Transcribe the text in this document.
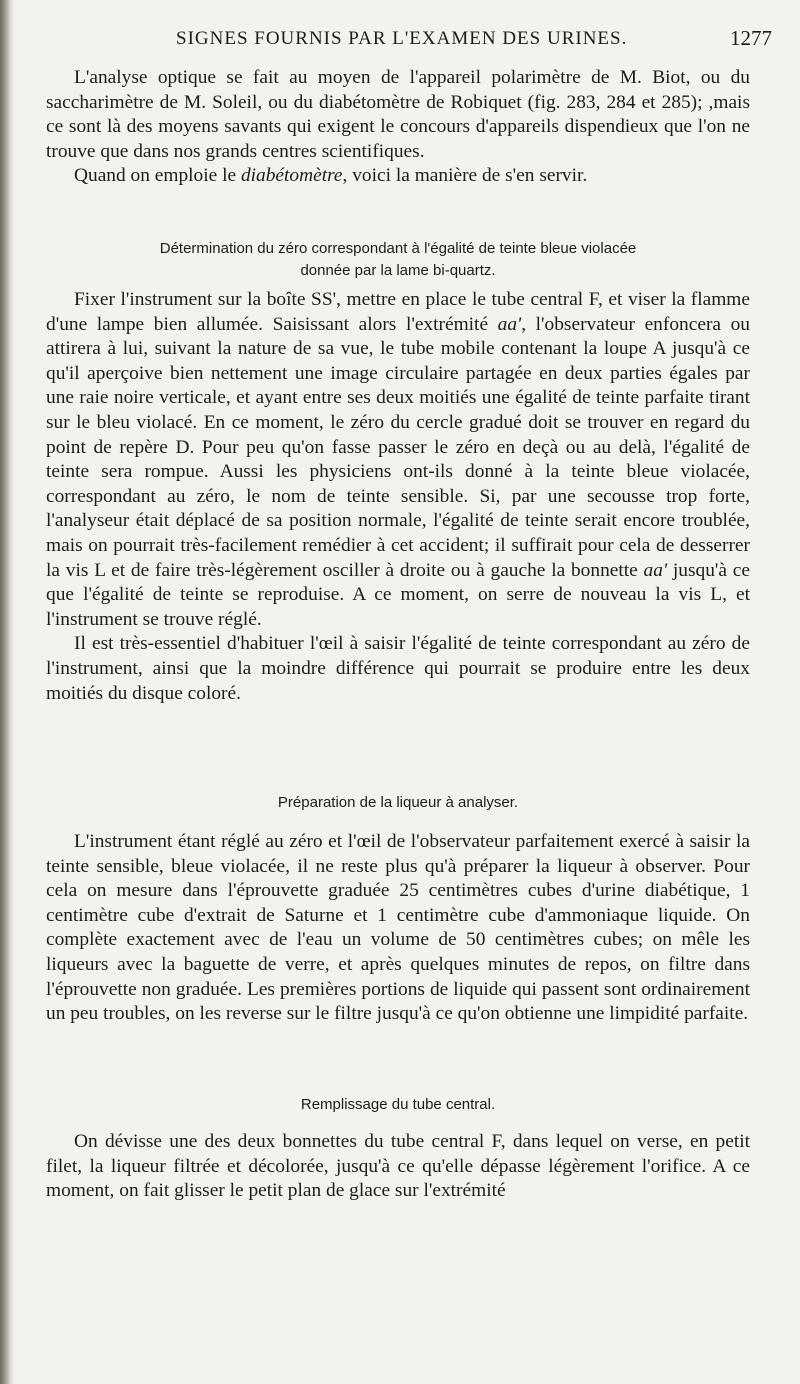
SIGNES FOURNIS PAR L'EXAMEN DES URINES.	1277

L'analyse optique se fait au moyen de l'appareil polarimètre de M. Biot, ou du saccharimètre de M. Soleil, ou du diabétomètre de Robiquet (fig. 283, 284 et 285); ,mais ce sont là des moyens savants qui exigent le concours d'appareils dispendieux que l'on ne trouve que dans nos grands centres scientifiques.

Quand on emploie le diabétomètre, voici la manière de s'en servir.

Détermination du zéro correspondant à l'égalité de teinte bleue violacée
donnée par la lame bi-quartz.

Fixer l'instrument sur la boîte SS', mettre en place le tube central F, et viser la flamme d'une lampe bien allumée. Saisissant alors l'extrémité aa', l'observateur enfoncera ou attirera à lui, suivant la nature de sa vue, le tube mobile contenant la loupe A jusqu'à ce qu'il aperçoive bien nettement une image circulaire partagée en deux parties égales par une raie noire verticale, et ayant entre ses deux moitiés une égalité de teinte parfaite tirant sur le bleu violacé. En ce moment, le zéro du cercle gradué doit se trouver en regard du point de repère D. Pour peu qu'on fasse passer le zéro en deçà ou au delà, l'égalité de teinte sera rompue. Aussi les physiciens ont-ils donné à la teinte bleue violacée, correspondant au zéro, le nom de teinte sensible. Si, par une secousse trop forte, l'analyseur était déplacé de sa position normale, l'égalité de teinte serait encore troublée, mais on pourrait très-facilement remédier à cet accident; il suffirait pour cela de desserrer la vis L et de faire très-légèrement osciller à droite ou à gauche la bonnette aa' jusqu'à ce que l'égalité de teinte se reproduise. A ce moment, on serre de nouveau la vis L, et l'instrument se trouve réglé.

Il est très-essentiel d'habituer l'œil à saisir l'égalité de teinte correspondant au zéro de l'instrument, ainsi que la moindre différence qui pourrait se produire entre les deux moitiés du disque coloré.

Préparation de la liqueur à analyser.

L'instrument étant réglé au zéro et l'œil de l'observateur parfaitement exercé à saisir la teinte sensible, bleue violacée, il ne reste plus qu'à préparer la liqueur à observer. Pour cela on mesure dans l'éprouvette graduée 25 centimètres cubes d'urine diabétique, 1 centimètre cube d'extrait de Saturne et 1 centimètre cube d'ammoniaque liquide. On complète exactement avec de l'eau un volume de 50 centimètres cubes; on mêle les liqueurs avec la baguette de verre, et après quelques minutes de repos, on filtre dans l'éprouvette non graduée. Les premières portions de liquide qui passent sont ordinairement un peu troubles, on les reverse sur le filtre jusqu'à ce qu'on obtienne une limpidité parfaite.

Remplissage du tube central.

On dévisse une des deux bonnettes du tube central F, dans lequel on verse, en petit filet, la liqueur filtrée et décolorée, jusqu'à ce qu'elle dépasse légèrement l'orifice. A ce moment, on fait glisser le petit plan de glace sur l'extrémité
